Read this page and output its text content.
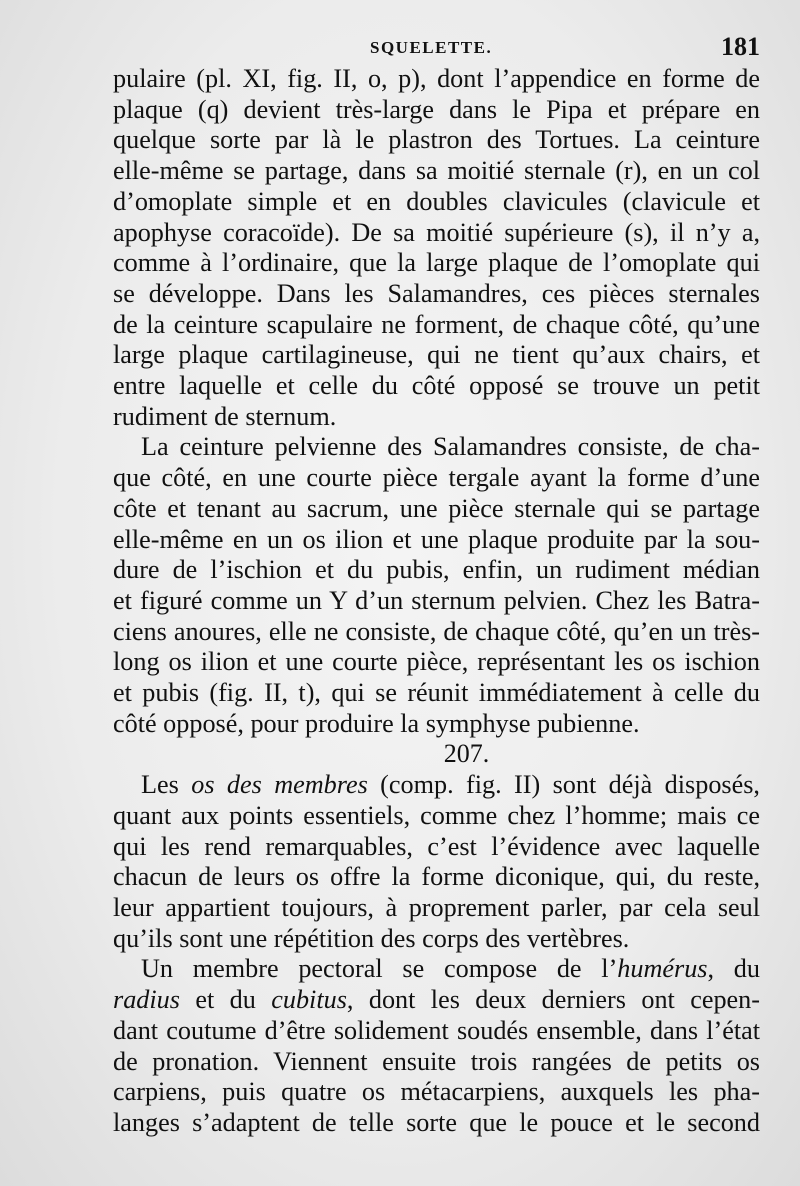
SQUELETTE.	181
pulaire (pl. XI, fig. II, o, p), dont l’appendice en forme de
plaque (q) devient très-large dans le Pipa et prépare en
quelque sorte par là le plastron des Tortues. La ceinture
elle-même se partage, dans sa moitié sternale (r), en un col
d’omoplate simple et en doubles clavicules (clavicule et
apophyse coracoïde). De sa moitié supérieure (s), il n’y a,
comme à l’ordinaire, que la large plaque de l’omoplate qui
se développe. Dans les Salamandres, ces pièces sternales
de la ceinture scapulaire ne forment, de chaque côté, qu’une
large plaque cartilagineuse, qui ne tient qu’aux chairs, et
entre laquelle et celle du côté opposé se trouve un petit
rudiment de sternum.
La ceinture pelvienne des Salamandres consiste, de cha-
que côté, en une courte pièce tergale ayant la forme d’une
côte et tenant au sacrum, une pièce sternale qui se partage
elle-même en un os ilion et une plaque produite par la sou-
dure de l’ischion et du pubis, enfin, un rudiment médian
et figuré comme un Y d’un sternum pelvien. Chez les Batra-
ciens anoures, elle ne consiste, de chaque côté, qu’en un très-
long os ilion et une courte pièce, représentant les os ischion
et pubis (fig. II, t), qui se réunit immédiatement à celle du
côté opposé, pour produire la symphyse pubienne.
207.
Les os des membres (comp. fig. II) sont déjà disposés,
quant aux points essentiels, comme chez l’homme; mais ce
qui les rend remarquables, c’est l’évidence avec laquelle
chacun de leurs os offre la forme diconique, qui, du reste,
leur appartient toujours, à proprement parler, par cela seul
qu’ils sont une répétition des corps des vertèbres.
Un membre pectoral se compose de l’humérus, du
radius et du cubitus, dont les deux derniers ont cepen-
dant coutume d’être solidement soudés ensemble, dans l’état
de pronation. Viennent ensuite trois rangées de petits os
carpiens, puis quatre os métacarpiens, auxquels les pha-
langes s’adaptent de telle sorte que le pouce et le second
